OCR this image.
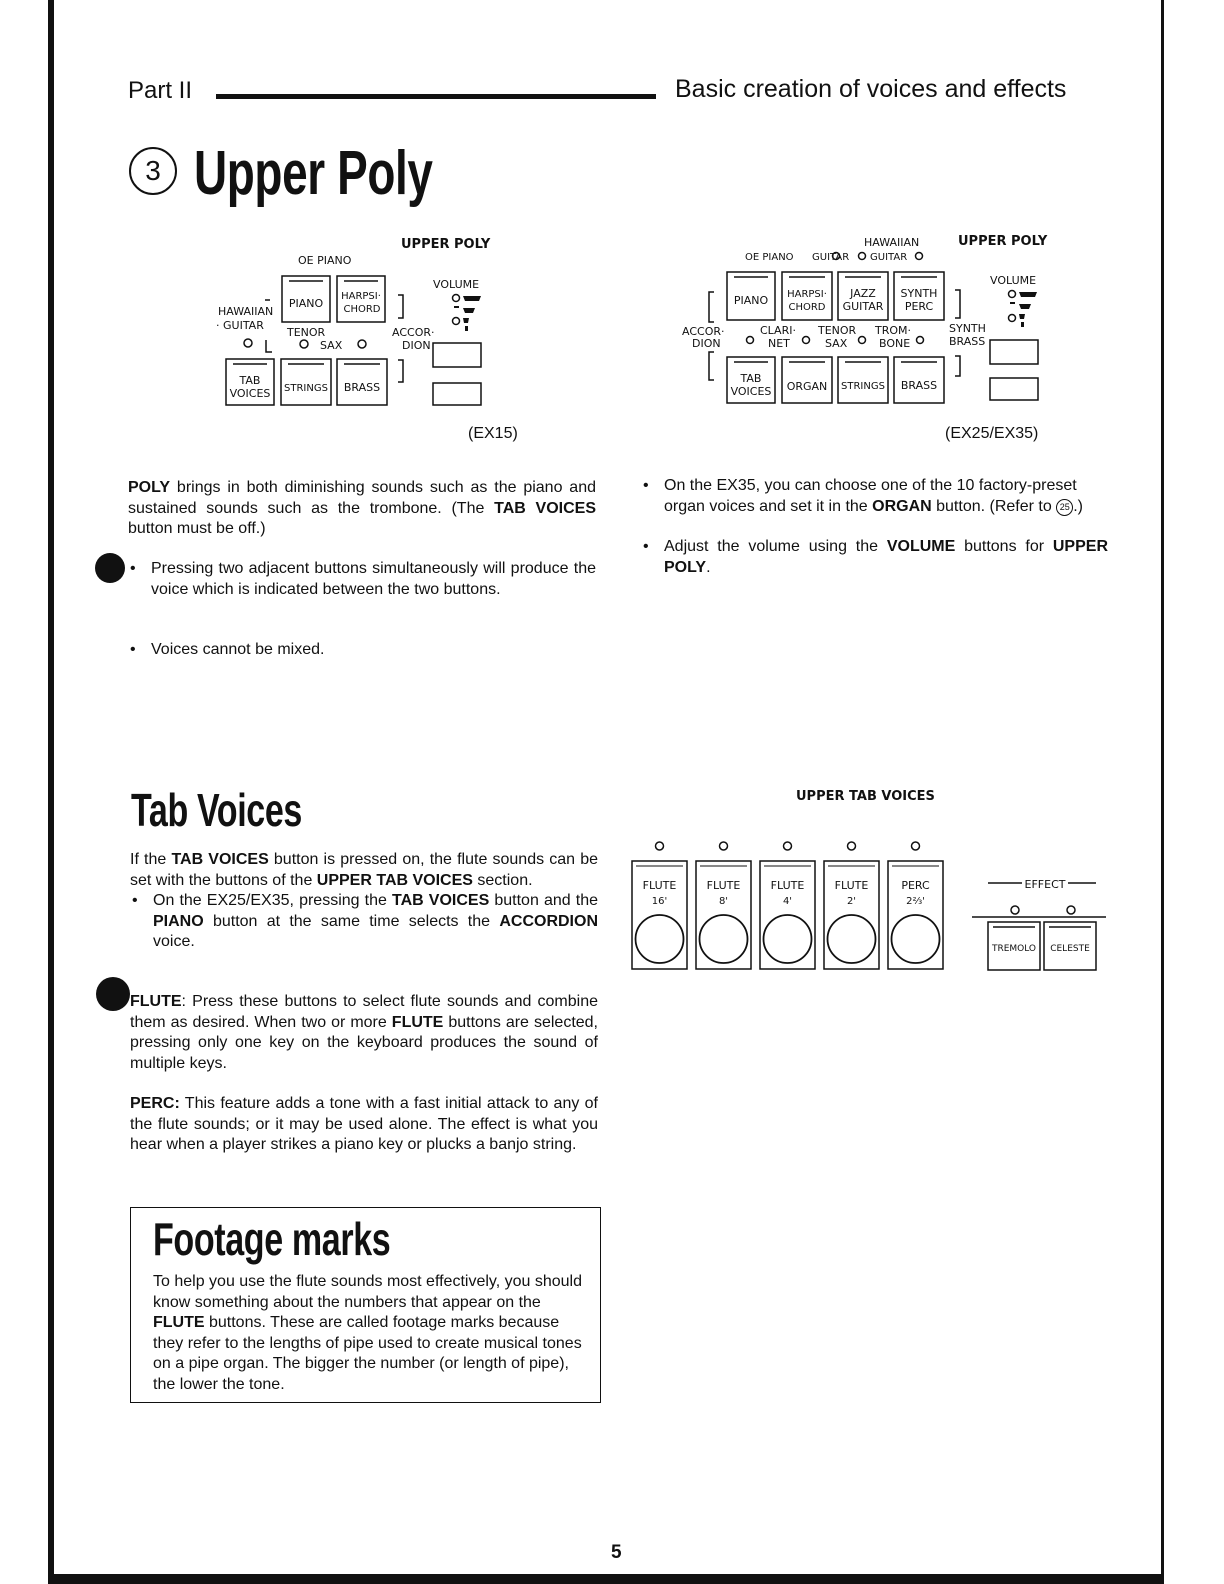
Part II	Basic creation of voices and effects
3 Upper Poly
UPPER POLY
OE PIANO
HAWAIIAN
· GUITAR
TENOR
SAX
ACCOR·
DION
VOLUME
PIANO
HARPSI·
CHORD
TAB
VOICES STRINGS BRASS
(EX15)
UPPER POLY
HAWAIIAN
OE PIANO GUITAR GUITAR
VOLUME
ACCOR·
DION
CLARI·
NET
TENOR
SAX
TROM·
BONE
SYNTH
BRASS
PIANO HARPSI·
CHORD
JAZZ
GUITAR
SYNTH
PERC
TAB
VOICES ORGAN STRINGS BRASS
(EX25/EX35)

POLY brings in both diminishing sounds such as the piano and sustained sounds such as the trombone. (The TAB VOICES button must be off.)

• Pressing two adjacent buttons simultaneously will produce the voice which is indicated between the two buttons.
• Voices cannot be mixed.
• On the EX35, you can choose one of the 10 factory-preset organ voices and set it in the ORGAN button. (Refer to 25 .)
• Adjust the volume using the VOLUME buttons for UPPER POLY.
Tab Voices

If the TAB VOICES button is pressed on, the flute sounds can be set with the buttons of the UPPER TAB VOICES section.

• On the EX25/EX35, pressing the TAB VOICES button and the PIANO button at the same time selects the ACCORDION voice.

FLUTE: Press these buttons to select flute sounds and combine them as desired. When two or more FLUTE buttons are selected, pressing only one key on the keyboard produces the sound of multiple keys.

PERC: This feature adds a tone with a fast initial attack to any of the flute sounds; or it may be used alone. The effect is what you hear when a player strikes a piano key or plucks a banjo string.

UPPER TAB VOICES
EFFECT
TREMOLO CELESTE
FLUTE
16'
FLUTE
8'
FLUTE
4'
FLUTE
2'
PERC
2⅔'
Footage marks

To help you use the flute sounds most effectively, you should know something about the numbers that appear on the FLUTE buttons. These are called footage marks because they refer to the lengths of pipe used to create musical tones on a pipe organ. The bigger the number (or length of pipe), the lower the tone.

5
